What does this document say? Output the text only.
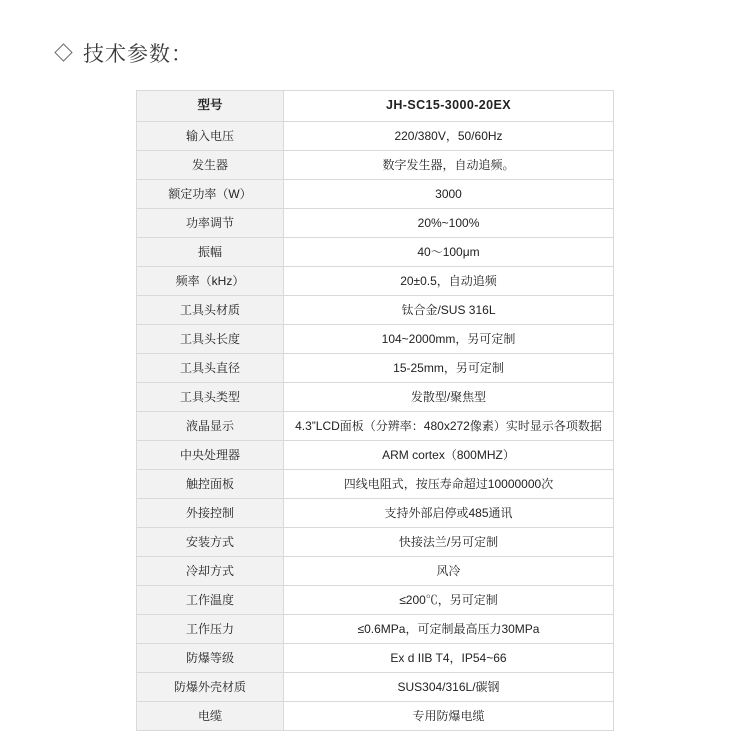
技术参数：
型号	JH-SC15-3000-20EX
输入电压	220/380V，50/60Hz
发生器	数字发生器，自动追频。
额定功率（W）	3000
功率调节	20%~100%
振幅	40～100μm
频率（kHz）	20±0.5，自动追频
工具头材质	钛合金/SUS 316L
工具头长度	104~2000mm，另可定制
工具头直径	15-25mm，另可定制
工具头类型	发散型/聚焦型
液晶显示	4.3”LCD面板（分辨率：480x272像素）实时显示各项数据
中央处理器	ARM cortex（800MHZ）
触控面板	四线电阻式，按压寿命超过10000000次
外接控制	支持外部启停或485通讯
安装方式	快接法兰/另可定制
冷却方式	风冷
工作温度	≤200℃，另可定制
工作压力	≤0.6MPa，可定制最高压力30MPa
防爆等级	Ex d IIB T4，IP54~66
防爆外壳材质	SUS304/316L/碳钢
电缆	专用防爆电缆
